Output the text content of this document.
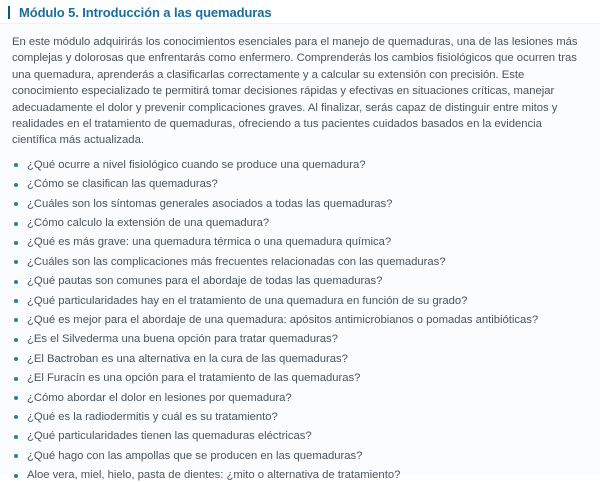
Módulo 5. Introducción a las quemaduras

En este módulo adquirirás los conocimientos esenciales para el manejo de quemaduras, una de las lesiones más complejas y dolorosas que enfrentarás como enfermero. Comprenderás los cambios fisiológicos que ocurren tras una quemadura, aprenderás a clasificarlas correctamente y a calcular su extensión con precisión. Este conocimiento especializado te permitirá tomar decisiones rápidas y efectivas en situaciones críticas, manejar adecuadamente el dolor y prevenir complicaciones graves. Al finalizar, serás capaz de distinguir entre mitos y realidades en el tratamiento de quemaduras, ofreciendo a tus pacientes cuidados basados en la evidencia científica más actualizada.

¿Qué ocurre a nivel fisiológico cuando se produce una quemadura?
¿Cómo se clasifican las quemaduras?
¿Cuáles son los síntomas generales asociados a todas las quemaduras?
¿Cómo calculo la extensión de una quemadura?
¿Qué es más grave: una quemadura térmica o una quemadura química?
¿Cuáles son las complicaciones más frecuentes relacionadas con las quemaduras?
¿Qué pautas son comunes para el abordaje de todas las quemaduras?
¿Qué particularidades hay en el tratamiento de una quemadura en función de su grado?
¿Qué es mejor para el abordaje de una quemadura: apósitos antimicrobianos o pomadas antibióticas?
¿Es el Silvederma una buena opción para tratar quemaduras?
¿El Bactroban es una alternativa en la cura de las quemaduras?
¿El Furacín es una opción para el tratamiento de las quemaduras?
¿Cómo abordar el dolor en lesiones por quemadura?
¿Qué es la radiodermitis y cuál es su tratamiento?
¿Qué particularidades tienen las quemaduras eléctricas?
¿Qué hago con las ampollas que se producen en las quemaduras?
Aloe vera, miel, hielo, pasta de dientes: ¿mito o alternativa de tratamiento?
